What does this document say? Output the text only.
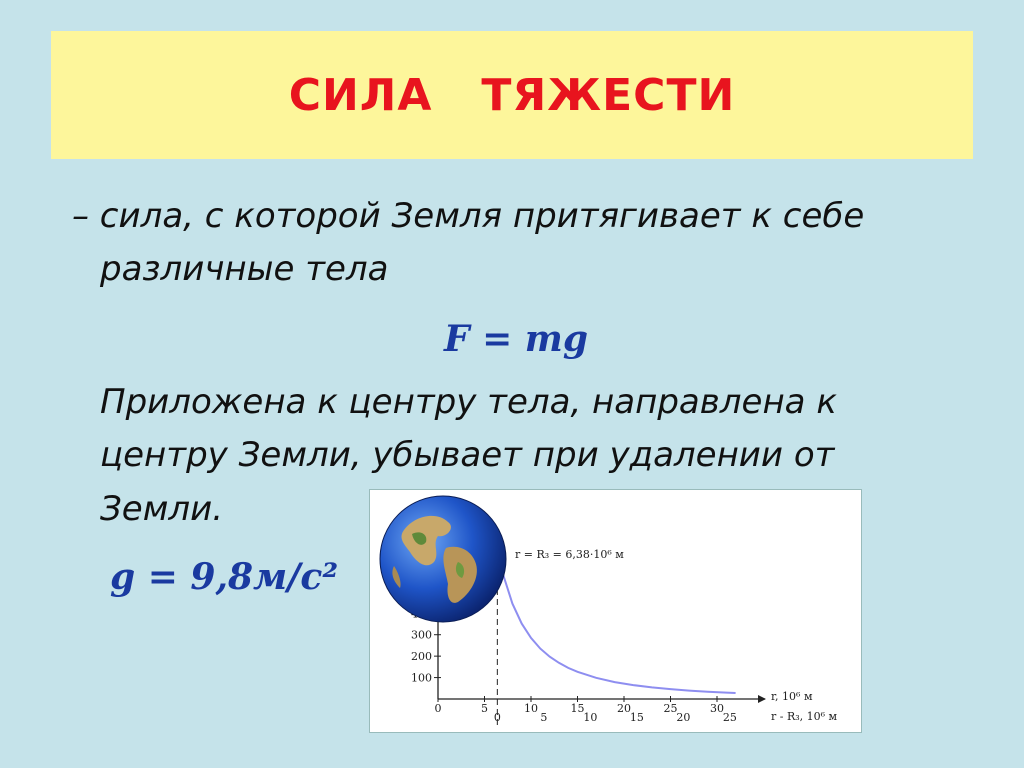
СИЛА   ТЯЖЕСТИ
– сила, с которой Земля притягивает к себе
различные тела
F = mg
Приложена к центру тела, направлена к
центру Земли, убывает при удалении от
Земли.
g = 9,8м/с²
100
200
300
0	5	10	15	20	25	30
0	5	10	15	20	25
r, 10⁶ м
r - R₃, 10⁶ м
r = R₃ = 6,38·10⁶ м
